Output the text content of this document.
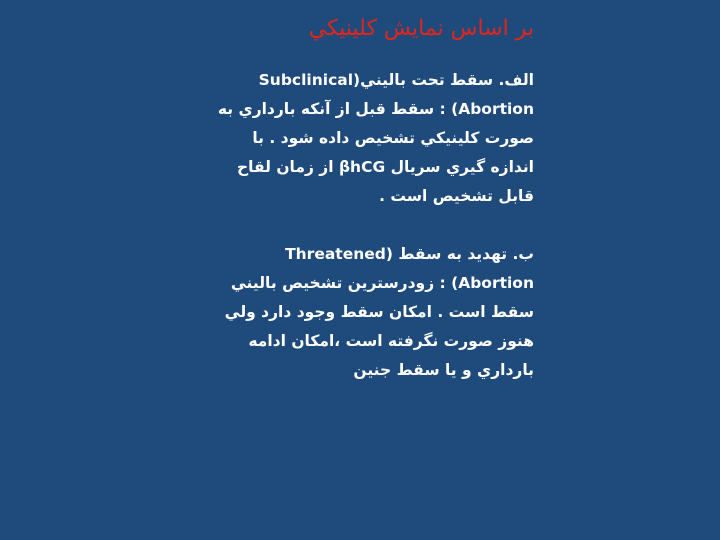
بر اساس نمايش كلينيكي
الف. سقط تحت باليني(Subclinical
Abortion) : سقط قبل از آنكه بارداري به
صورت كلينيكي تشخيص داده شود . با
اندازه گيري سريال βhCG از زمان لقاح
قابل تشخيص است .
ب. تهديد به سقط (Threatened
Abortion) : زودرسترين تشخيص باليني
سقط است . امكان سقط وجود دارد ولي
هنوز صورت نگرفته است ،امكان ادامه
بارداري و يا سقط جنين
